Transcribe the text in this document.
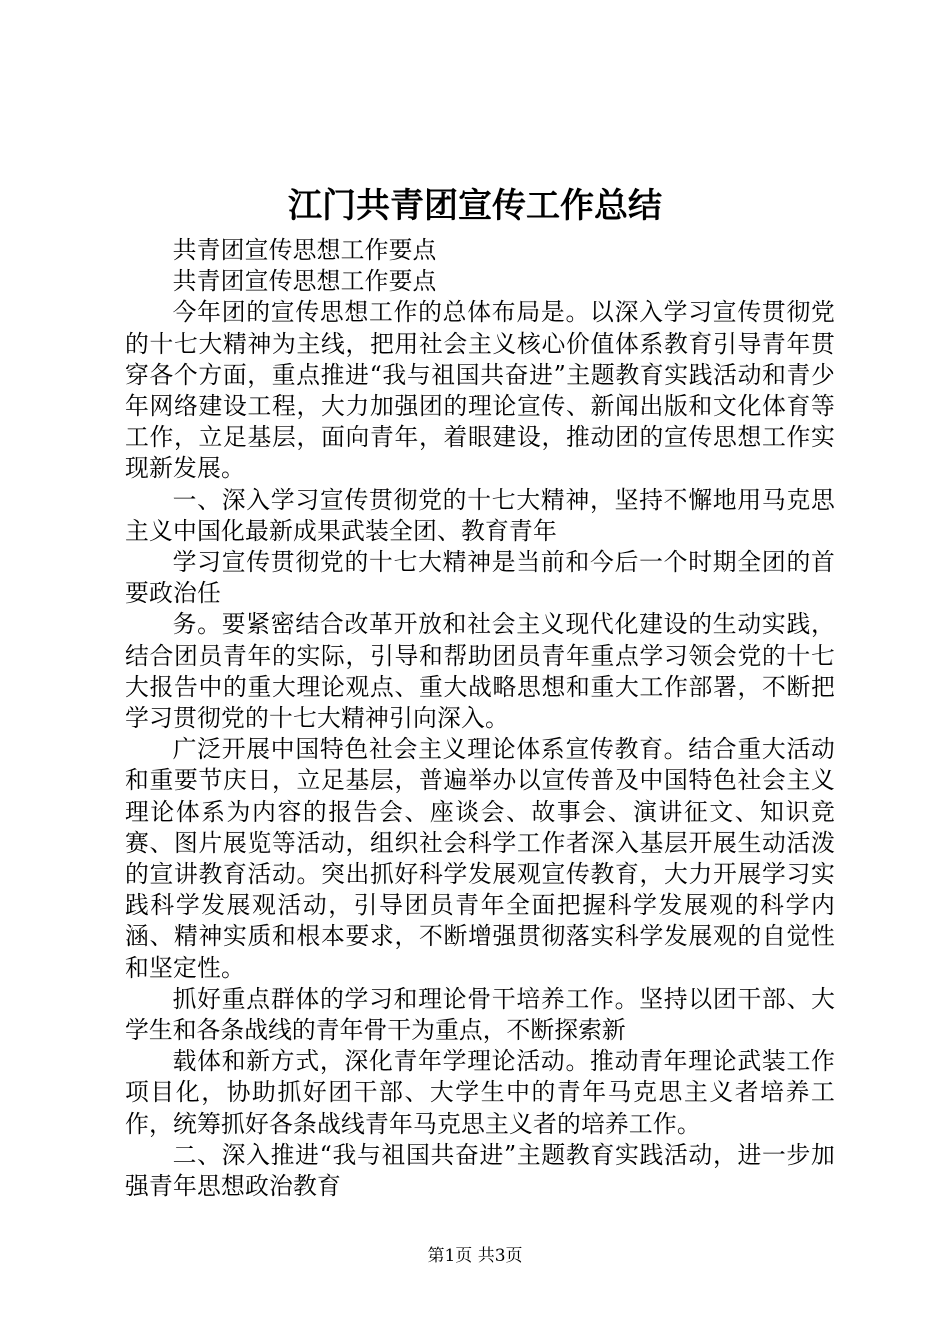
江门共青团宣传工作总结

共青团宣传思想工作要点

共青团宣传思想工作要点

今年团的宣传思想工作的总体布局是。以深入学习宣传贯彻党的十七大精神为主线，把用社会主义核心价值体系教育引导青年贯穿各个方面，重点推进“我与祖国共奋进”主题教育实践活动和青少年网络建设工程，大力加强团的理论宣传、新闻出版和文化体育等工作，立足基层，面向青年，着眼建设，推动团的宣传思想工作实现新发展。

一、深入学习宣传贯彻党的十七大精神，坚持不懈地用马克思主义中国化最新成果武装全团、教育青年

学习宣传贯彻党的十七大精神是当前和今后一个时期全团的首要政治任

务。要紧密结合改革开放和社会主义现代化建设的生动实践，结合团员青年的实际，引导和帮助团员青年重点学习领会党的十七大报告中的重大理论观点、重大战略思想和重大工作部署，不断把学习贯彻党的十七大精神引向深入。

广泛开展中国特色社会主义理论体系宣传教育。结合重大活动和重要节庆日，立足基层，普遍举办以宣传普及中国特色社会主义理论体系为内容的报告会、座谈会、故事会、演讲征文、知识竞赛、图片展览等活动，组织社会科学工作者深入基层开展生动活泼的宣讲教育活动。突出抓好科学发展观宣传教育，大力开展学习实践科学发展观活动，引导团员青年全面把握科学发展观的科学内涵、精神实质和根本要求，不断增强贯彻落实科学发展观的自觉性和坚定性。

抓好重点群体的学习和理论骨干培养工作。坚持以团干部、大学生和各条战线的青年骨干为重点，不断探索新

载体和新方式，深化青年学理论活动。推动青年理论武装工作项目化，协助抓好团干部、大学生中的青年马克思主义者培养工作，统筹抓好各条战线青年马克思主义者的培养工作。

二、深入推进“我与祖国共奋进”主题教育实践活动，进一步加强青年思想政治教育

第1页 共3页
